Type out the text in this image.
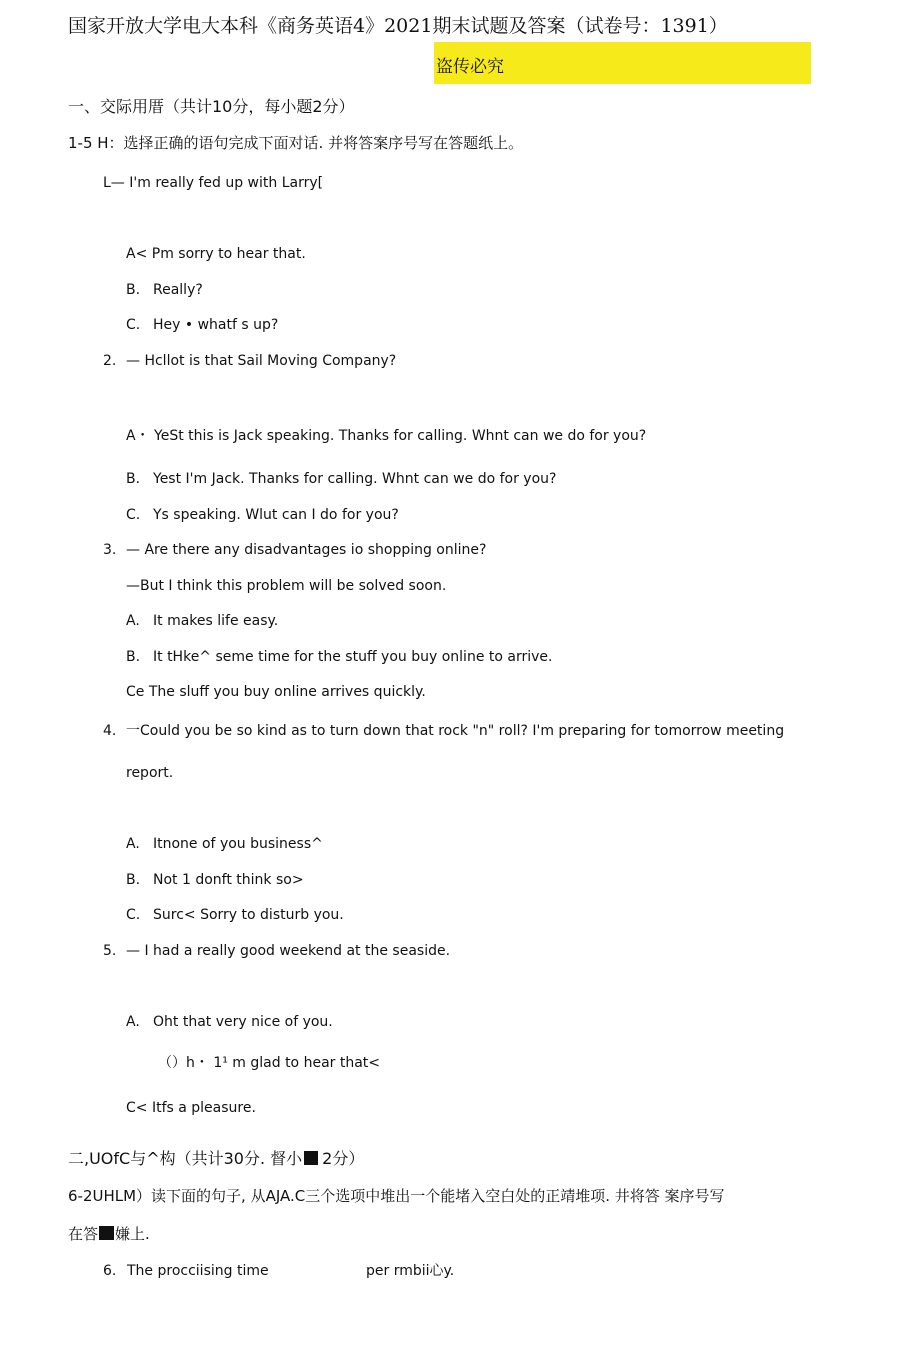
国家开放大学电大本科《商务英语4》2021期末试题及答案（试卷号：1391）
盗传必究
一、交际用厝（共计10分，每小题2分）
1-5 H：选择正确的语句完成下面对话. 并将答案序号写在答题纸上。
L— I'm really fed up with Larry[
A< Pm sorry to hear that.
B. Really?
C. Hey • whatf s up?
2. — Hcllot is that Sail Moving Company?
A・ YeSt this is Jack speaking. Thanks for calling. Whnt can we do for you?
B. Yest I'm Jack. Thanks for calling. Whnt can we do for you?
C. Ys speaking. Wlut can I do for you?
3. — Are there any disadvantages io shopping online?
—But I think this problem will be solved soon.
A. It makes life easy.
B. It tHke^ seme time for the stuff you buy online to arrive.
Ce The sluff you buy online arrives quickly.
4. 一Could you be so kind as to turn down that rock "n" roll? I'm preparing for tomorrow meeting
report.
A. Itnone of you business^
B. Not 1 donft think so>
C. Surc< Sorry to disturb you.
5. — I had a really good weekend at the seaside.
A. Oht that very nice of you.
（）h・ 1¹ m glad to hear that<
C< Itfs a pleasure.
二,UOfC与^构（共计30分. 督小 2分）
6-2UHLM）读下面的句子, 从AJA.C三个选项中堆出一个能堵入空白处的正靖堆项. 井将答 案序号写
在答 嫌上.
6. The procciising time	per rmbii心y.
